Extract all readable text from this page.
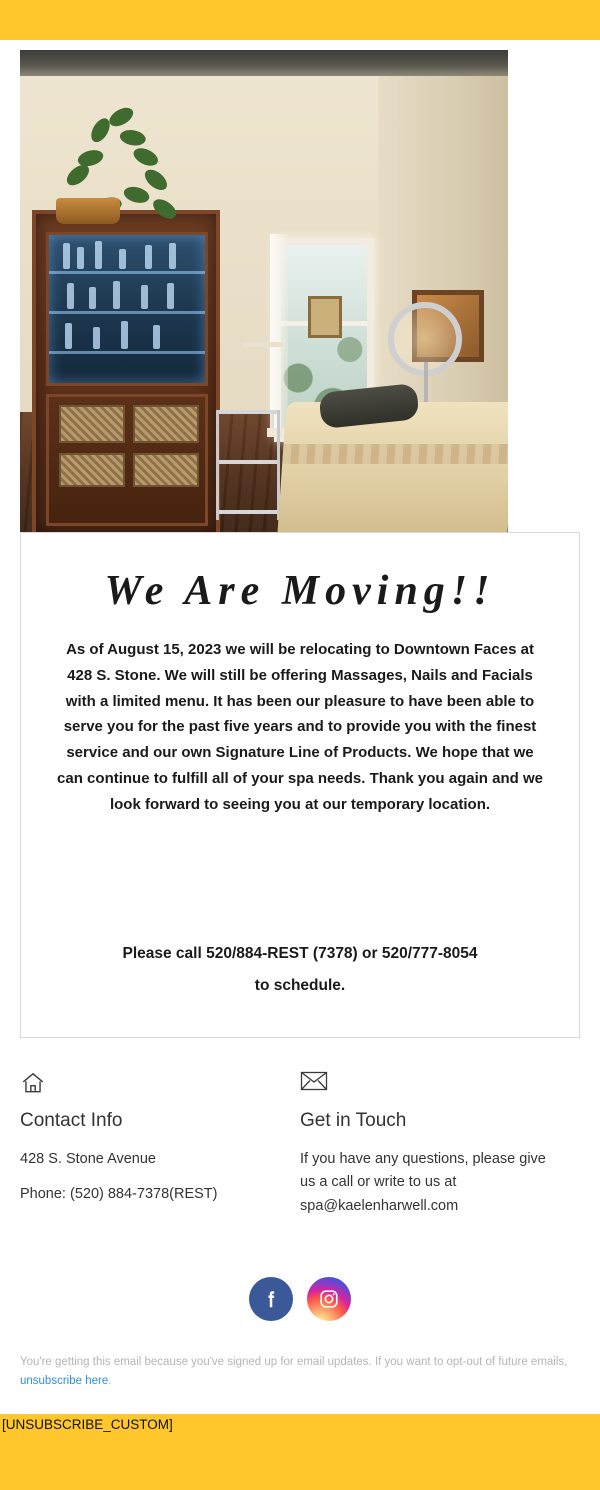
We Are Moving!!
As of August 15, 2023 we will be relocating to Downtown Faces at 428 S. Stone. We will still be offering Massages, Nails and Facials with a limited menu. It has been our pleasure to have been able to serve you for the past five years and to provide you with the finest service and our own Signature Line of Products. We hope that we can continue to fulfill all of your spa needs. Thank you again and we look forward to seeing you at our temporary location.
Please call 520/884-REST (7378) or 520/777-8054
to schedule.
Contact Info
428 S. Stone Avenue
Phone: (520) 884-7378(REST)
Get in Touch
If you have any questions, please give us a call or write to us at spa@kaelenharwell.com
You're getting this email because you've signed up for email updates. If you want to opt-out of future emails, unsubscribe here.
[UNSUBSCRIBE_CUSTOM]
